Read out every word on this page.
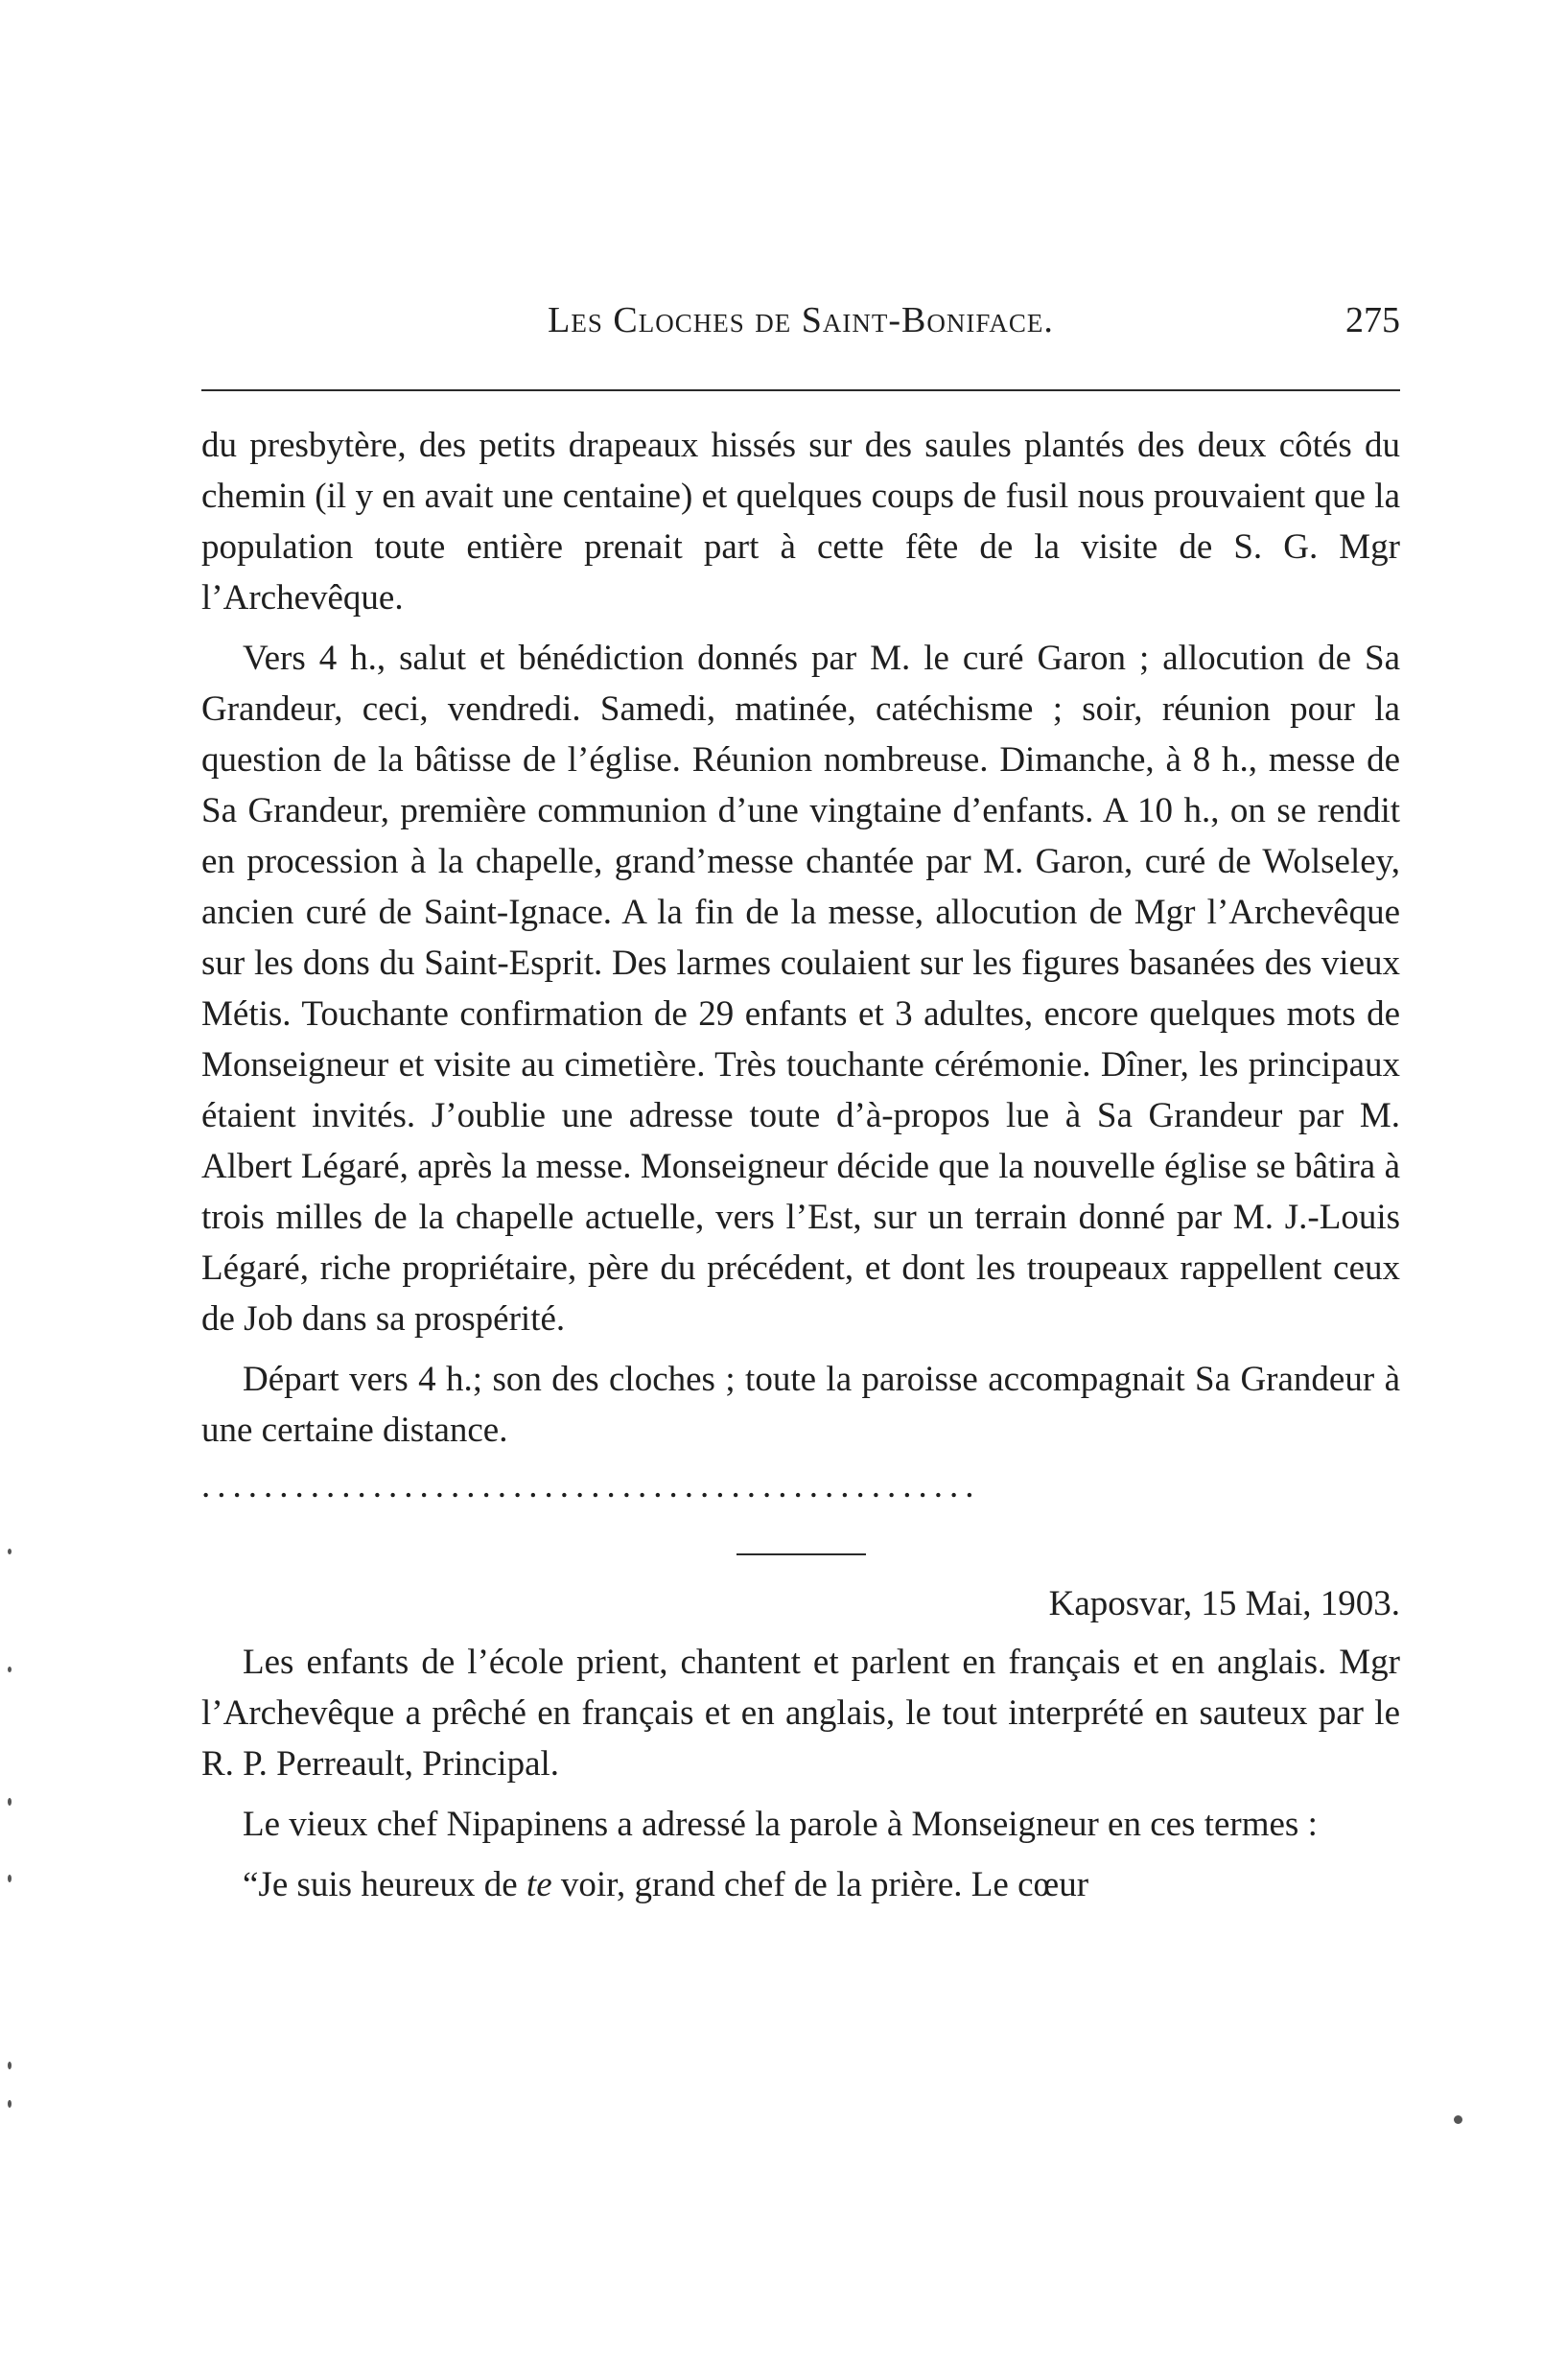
Les Cloches de Saint-Boniface.	275

du presbytère, des petits drapeaux hissés sur des saules plantés des deux côtés du chemin (il y en avait une centaine) et quelques coups de fusil nous prouvaient que la population toute entière prenait part à cette fête de la visite de S. G. Mgr l’Archevêque.

Vers 4 h., salut et bénédiction donnés par M. le curé Garon ; allocution de Sa Grandeur, ceci, vendredi. Samedi, matinée, catéchisme ; soir, réunion pour la question de la bâtisse de l’église. Réunion nombreuse. Dimanche, à 8 h., messe de Sa Grandeur, première communion d’une vingtaine d’enfants. A 10 h., on se rendit en procession à la chapelle, grand’messe chantée par M. Garon, curé de Wolseley, ancien curé de Saint-Ignace. A la fin de la messe, allocution de Mgr l’Archevêque sur les dons du Saint-Esprit. Des larmes coulaient sur les figures basanées des vieux Métis. Touchante confirmation de 29 enfants et 3 adultes, encore quelques mots de Monseigneur et visite au cimetière. Très touchante cérémonie. Dîner, les principaux étaient invités. J’oublie une adresse toute d’à-propos lue à Sa Grandeur par M. Albert Légaré, après la messe. Monseigneur décide que la nouvelle église se bâtira à trois milles de la chapelle actuelle, vers l’Est, sur un terrain donné par M. J.-Louis Légaré, riche propriétaire, père du précédent, et dont les troupeaux rappellent ceux de Job dans sa prospérité.

Départ vers 4 h.; son des cloches ; toute la paroisse accompagnait Sa Grandeur à une certaine distance.

..................................................

Kaposvar, 15 Mai, 1903.

Les enfants de l’école prient, chantent et parlent en français et en anglais. Mgr l’Archevêque a prêché en français et en anglais, le tout interprété en sauteux par le R. P. Perreault, Principal.

Le vieux chef Nipapinens a adressé la parole à Monseigneur en ces termes :

“Je suis heureux de te voir, grand chef de la prière. Le cœur
